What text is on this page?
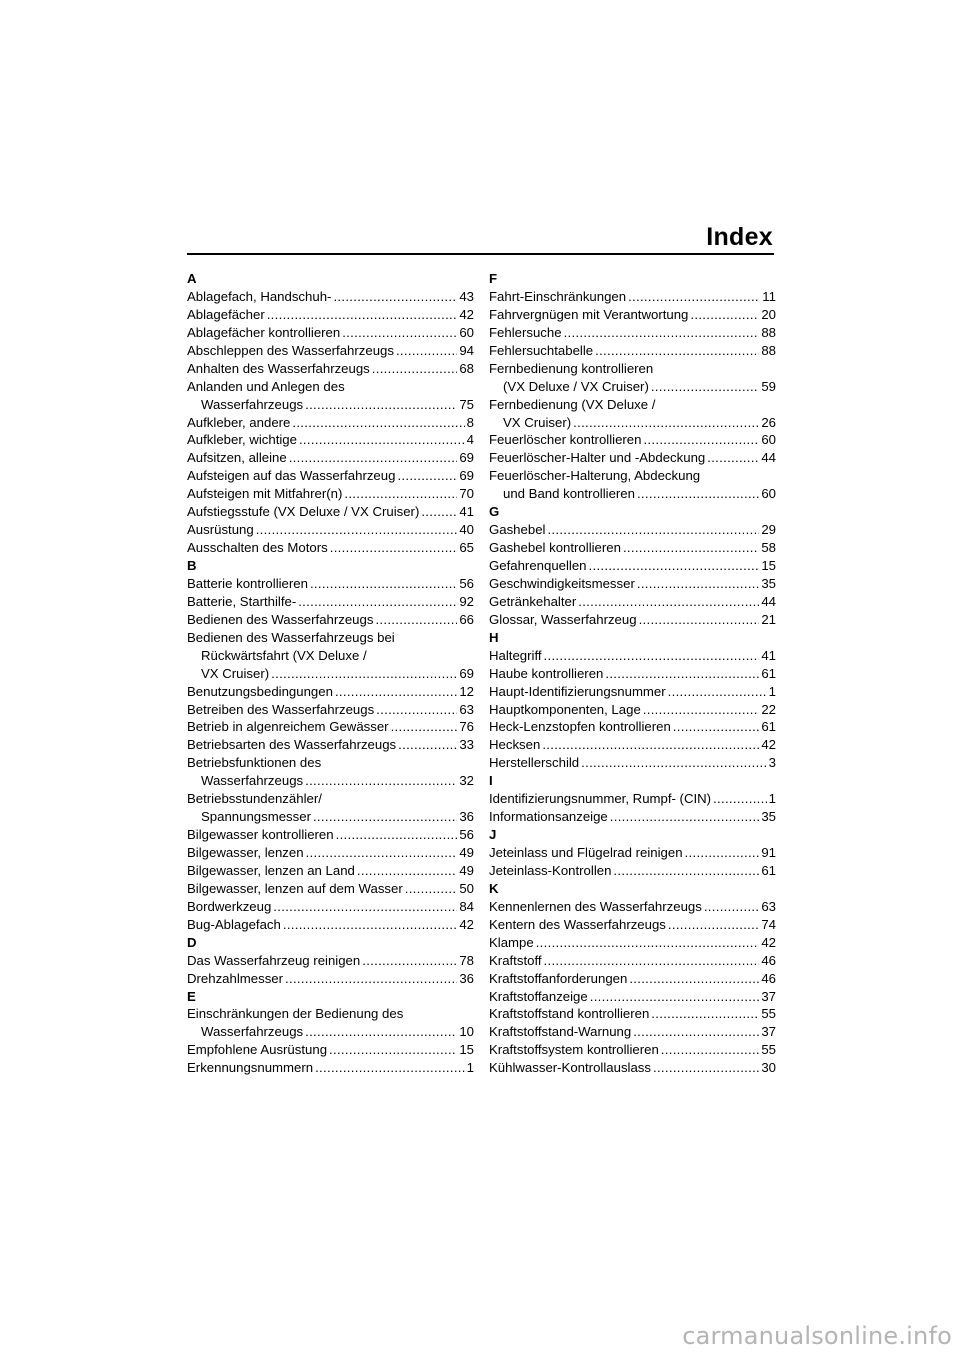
Index
A
Ablagefach, Handschuh- .....	43
Ablagefächer .....	42
Ablagefächer kontrollieren .....	60
Abschleppen des Wasserfahrzeugs .....	94
Anhalten des Wasserfahrzeugs .....	68
Anlanden und Anlegen des
Wasserfahrzeugs .....	75
Aufkleber, andere .....	8
Aufkleber, wichtige .....	4
Aufsitzen, alleine .....	69
Aufsteigen auf das Wasserfahrzeug .....	69
Aufsteigen mit Mitfahrer(n) .....	70
Aufstiegsstufe (VX Deluxe / VX Cruiser) .....	41
Ausrüstung .....	40
Ausschalten des Motors .....	65
B
Batterie kontrollieren .....	56
Batterie, Starthilfe- .....	92
Bedienen des Wasserfahrzeugs .....	66
Bedienen des Wasserfahrzeugs bei
Rückwärtsfahrt (VX Deluxe /
VX Cruiser) .....	69
Benutzungsbedingungen .....	12
Betreiben des Wasserfahrzeugs .....	63
Betrieb in algenreichem Gewässer .....	76
Betriebsarten des Wasserfahrzeugs .....	33
Betriebsfunktionen des
Wasserfahrzeugs .....	32
Betriebsstundenzähler/
Spannungsmesser .....	36
Bilgewasser kontrollieren .....	56
Bilgewasser, lenzen .....	49
Bilgewasser, lenzen an Land .....	49
Bilgewasser, lenzen auf dem Wasser .....	50
Bordwerkzeug .....	84
Bug-Ablagefach .....	42
D
Das Wasserfahrzeug reinigen .....	78
Drehzahlmesser .....	36
E
Einschränkungen der Bedienung des
Wasserfahrzeugs .....	10
Empfohlene Ausrüstung .....	15
Erkennungsnummern .....	1
F
Fahrt-Einschränkungen .....	11
Fahrvergnügen mit Verantwortung .....	20
Fehlersuche .....	88
Fehlersuchtabelle .....	88
Fernbedienung kontrollieren
(VX Deluxe / VX Cruiser) .....	59
Fernbedienung (VX Deluxe /
VX Cruiser) .....	26
Feuerlöscher kontrollieren .....	60
Feuerlöscher-Halter und -Abdeckung .....	44
Feuerlöscher-Halterung, Abdeckung
und Band kontrollieren .....	60
G
Gashebel .....	29
Gashebel kontrollieren .....	58
Gefahrenquellen .....	15
Geschwindigkeitsmesser .....	35
Getränkehalter .....	44
Glossar, Wasserfahrzeug .....	21
H
Haltegriff .....	41
Haube kontrollieren .....	61
Haupt-Identifizierungsnummer .....	1
Hauptkomponenten, Lage .....	22
Heck-Lenzstopfen kontrollieren .....	61
Hecksen .....	42
Herstellerschild .....	3
I
Identifizierungsnummer, Rumpf- (CIN) .....	1
Informationsanzeige .....	35
J
Jeteinlass und Flügelrad reinigen .....	91
Jeteinlass-Kontrollen .....	61
K
Kennenlernen des Wasserfahrzeugs .....	63
Kentern des Wasserfahrzeugs .....	74
Klampe .....	42
Kraftstoff .....	46
Kraftstoffanforderungen .....	46
Kraftstoffanzeige .....	37
Kraftstoffstand kontrollieren .....	55
Kraftstoffstand-Warnung .....	37
Kraftstoffsystem kontrollieren .....	55
Kühlwasser-Kontrollauslass .....	30
carmanualsonline.info
